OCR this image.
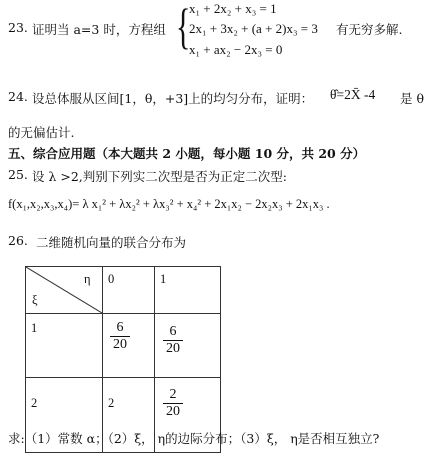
23. 证明当 a=3 时，方程组 {
x₁ + 2x₂ + x₃ = 1
2x₁ + 3x₂ + (a + 2)x₃ = 3
x₁ + ax₂ − 2x₃ = 0
有无穷多解.
24. 设总体服从区间[1，θ，+3]上的均匀分布，证明： θ̂=2X̄ -4 是 θ
的无偏估计.
五、综合应用题（本大题共 2 小题，每小题 10 分，共 20 分）
25. 设 λ >2,判别下列实二次型是否为正定二次型:
f(x₁,x₂,x₃,x₄)= λ x₁² + λx₂² + λx₃² + x₄² + 2x₁x₂ − 2x₂x₃ + 2x₁x₃ .
26. 二维随机向量的联合分布为
η
ξ	0	1
1	$\frac{6}{20}$	$\frac{6}{20}$

2	2	$\frac{2}{20}$
求:（1）常数 α；（2）ξ， η的边际分布；（3）ξ， η是否相互独立?
